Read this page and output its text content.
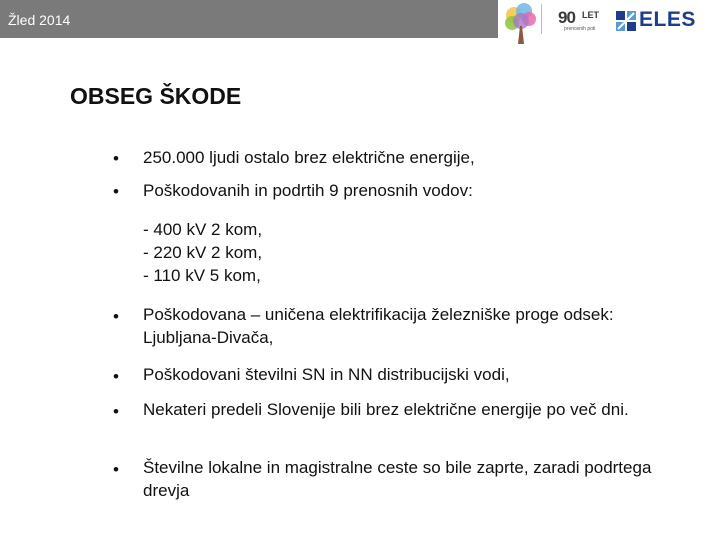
Žled 2014	90 LET
prenosnih poti ELES
OBSEG ŠKODE
• 250.000 ljudi ostalo brez električne energije,
• Poškodovanih in podrtih 9 prenosnih vodov:
- 400 kV 2 kom,
- 220 kV 2 kom,
- 110 kV 5 kom,
• Poškodovana – uničena elektrifikacija železniške proge odsek: Ljubljana-Divača,
• Poškodovani številni SN in NN distribucijski vodi,
• Nekateri predeli Slovenije bili brez električne energije po več dni.
• Številne lokalne in magistralne ceste so bile zaprte, zaradi podrtega drevja
